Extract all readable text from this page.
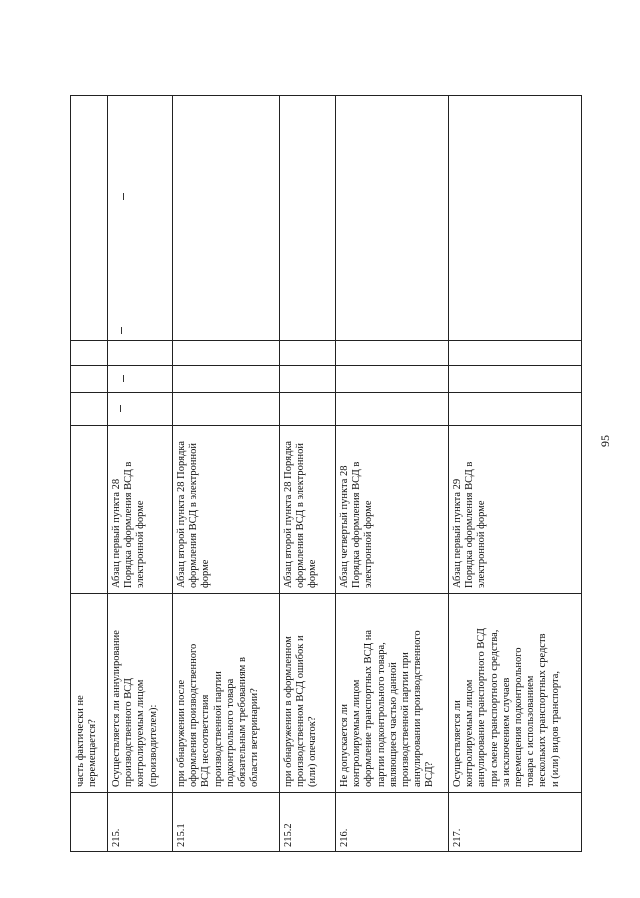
95
часть фактически не
перемещается?
215.
Осуществляется ли аннулирование
производственного ВСД
контролируемым лицом
(производителем):
Абзац первый пункта 28
Порядка оформления ВСД в
электронной форме
215.1
при обнаружении после
оформления производственного
ВСД несоответствия
производственной партии
подконтрольного товара
обязательным требованиям в
области ветеринарии?
Абзац второй пункта 28 Порядка
оформления ВСД в электронной
форме
215.2
при обнаружении в оформленном
производственном ВСД ошибок и
(или) опечаток?
Абзац второй пункта 28 Порядка
оформления ВСД в электронной
форме
216.
Не допускается ли
контролируемым лицом
оформление транспортных ВСД на
партии подконтрольного товара,
являющиеся частью данной
производственной партии при
аннулировании производственного
ВСД?
Абзац четвертый пункта 28
Порядка оформления ВСД в
электронной форме
217.
Осуществляется ли
контролируемым лицом
аннулирование транспортного ВСД
при смене транспортного средства,
за исключением случаев
перемещения подконтрольного
товара с использованием
нескольких транспортных средств
и (или) видов транспорта,
Абзац первый пункта 29
Порядка оформления ВСД в
электронной форме
